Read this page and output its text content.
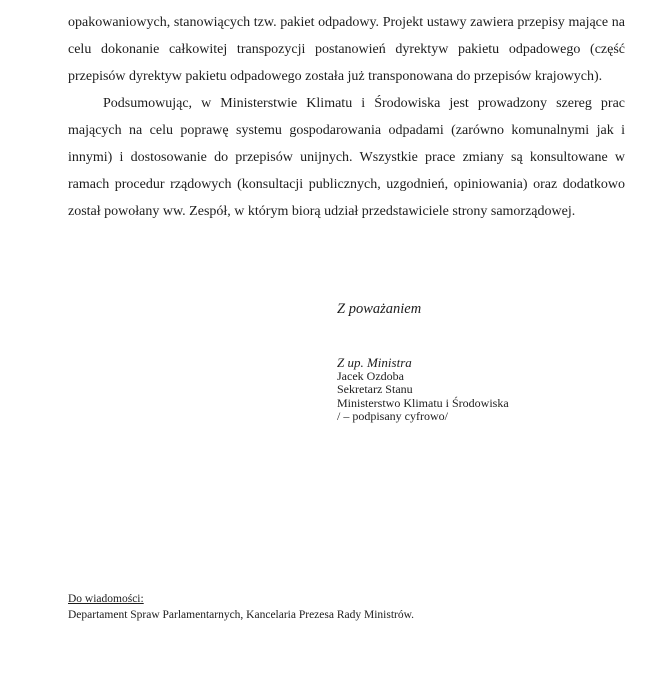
opakowaniowych, stanowiących tzw. pakiet odpadowy. Projekt ustawy zawiera przepisy mające na celu dokonanie całkowitej transpozycji postanowień dyrektyw pakietu odpadowego (część przepisów dyrektyw pakietu odpadowego została już transponowana do przepisów krajowych).

Podsumowując, w Ministerstwie Klimatu i Środowiska jest prowadzony szereg prac mających na celu poprawę systemu gospodarowania odpadami (zarówno komunalnymi jak i innymi) i dostosowanie do przepisów unijnych. Wszystkie prace zmiany są konsultowane w ramach procedur rządowych (konsultacji publicznych, uzgodnień, opiniowania) oraz dodatkowo został powołany ww. Zespół, w którym biorą udział przedstawiciele strony samorządowej.

Z poważaniem
Z up. Ministra
Jacek Ozdoba
Sekretarz Stanu
Ministerstwo Klimatu i Środowiska
/ – podpisany cyfrowo/
Do wiadomości:
Departament Spraw Parlamentarnych, Kancelaria Prezesa Rady Ministrów.
